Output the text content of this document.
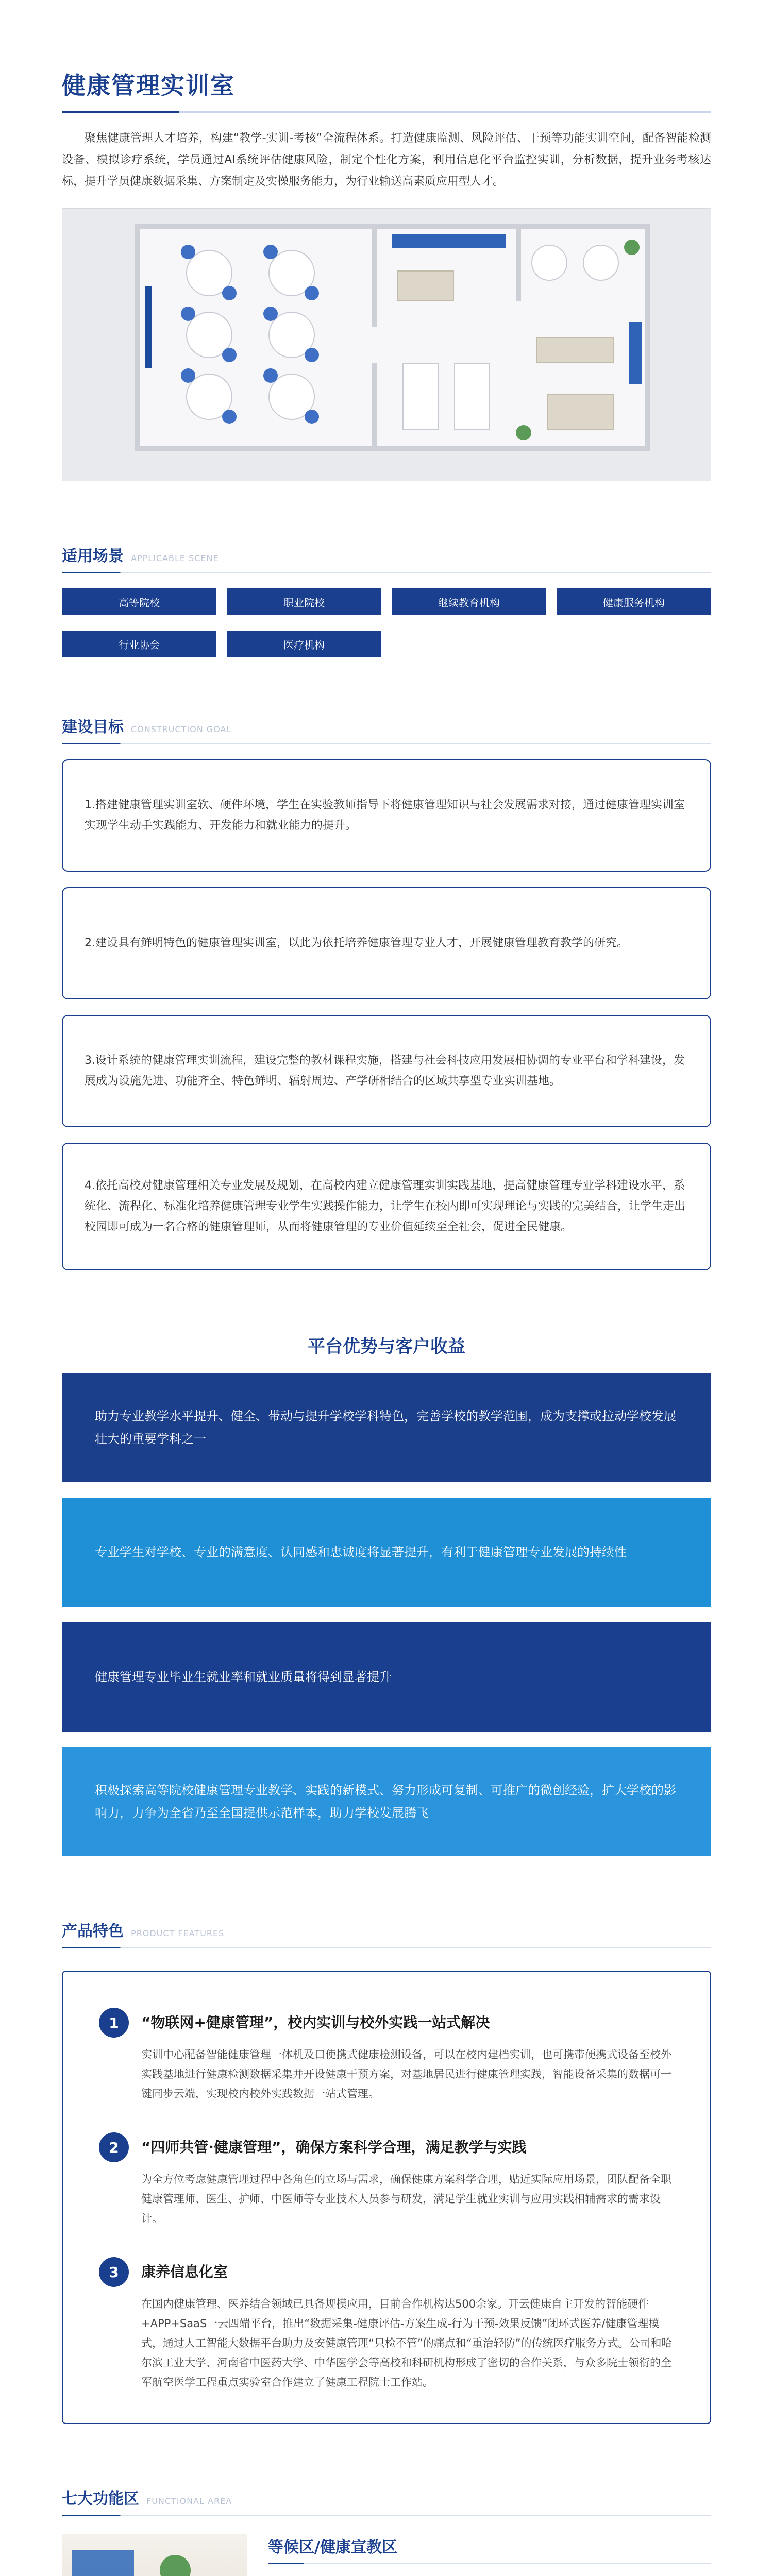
健康管理实训室

聚焦健康管理人才培养，构建“教学-实训-考核”全流程体系。打造健康监测、风险评估、干预等功能实训空间，配备智能检测设备、模拟诊疗系统，学员通过AI系统评估健康风险，制定个性化方案，利用信息化平台监控实训，分析数据，提升业务考核达标，提升学员健康数据采集、方案制定及实操服务能力，为行业输送高素质应用型人才。

适用场景 APPLICABLE SCENE
高等院校	职业院校	继续教育机构	健康服务机构
行业协会	医疗机构
建设目标 CONSTRUCTION GOAL
1.搭建健康管理实训室软、硬件环境，学生在实验教师指导下将健康管理知识与社会发展需求对接，通过健康管理实训室实现学生动手实践能力、开发能力和就业能力的提升。
2.建设具有鲜明特色的健康管理实训室，以此为依托培养健康管理专业人才，开展健康管理教育教学的研究。
3.设计系统的健康管理实训流程，建设完整的教材课程实施，搭建与社会科技应用发展相协调的专业平台和学科建设，发展成为设施先进、功能齐全、特色鲜明、辐射周边、产学研相结合的区域共享型专业实训基地。
4.依托高校对健康管理相关专业发展及规划，在高校内建立健康管理实训实践基地，提高健康管理专业学科建设水平，系统化、流程化、标准化培养健康管理专业学生实践操作能力，让学生在校内即可实现理论与实践的完美结合，让学生走出校园即可成为一名合格的健康管理师，从而将健康管理的专业价值延续至全社会，促进全民健康。
平台优势与客户收益
助力专业教学水平提升、健全、带动与提升学校学科特色，完善学校的教学范围，成为支撑或拉动学校发展壮大的重要学科之一
专业学生对学校、专业的满意度、认同感和忠诚度将显著提升，有利于健康管理专业发展的持续性
健康管理专业毕业生就业率和就业质量将得到显著提升
积极探索高等院校健康管理专业教学、实践的新模式、努力形成可复制、可推广的微创经验，扩大学校的影响力，力争为全省乃至全国提供示范样本，助力学校发展腾飞
产品特色 PRODUCT FEATURES
1	“物联网+健康管理”，校内实训与校外实践一站式解决
实训中心配备智能健康管理一体机及口使携式健康检测设备，可以在校内建档实训，也可携带便携式设备至校外实践基地进行健康检测数据采集并开设健康干预方案，对基地居民进行健康管理实践，智能设备采集的数据可一键同步云端，实现校内校外实践数据一站式管理。
2	“四师共管·健康管理”，确保方案科学合理，满足教学与实践
为全方位考虑健康管理过程中各角色的立场与需求，确保健康方案科学合理，贴近实际应用场景，团队配备全职健康管理师、医生、护师、中医师等专业技术人员参与研发，满足学生就业实训与应用实践相辅需求的需求设计。
3	康养信息化室
在国内健康管理、医养结合领域已具备规模应用，目前合作机构达500余家。开云健康自主开发的智能硬件+APP+SaaS一云四端平台，推出“数据采集-健康评估-方案生成-行为干预-效果反馈”闭环式医养/健康管理模式，通过人工智能大数据平台助力及安健康管理“只检不管”的痛点和“重治轻防”的传统医疗服务方式。公司和哈尔滨工业大学、河南省中医药大学、中华医学会等高校和科研机构形成了密切的合作关系，与众多院士领衔的全军航空医学工程重点实验室合作建立了健康工程院士工作站。
七大功能区 FUNCTIONAL AREA
等候区/健康宣教区
